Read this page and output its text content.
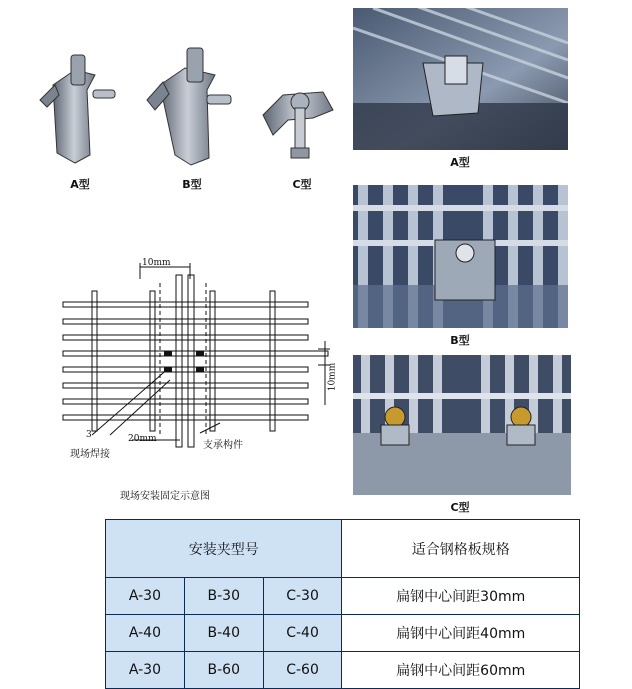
A型	B型	C型
A型
B型
C型
10mm
10mm
20mm
3
现场焊接
支承构件
现场安装固定示意图
安装夹型号			适合钢格板规格
A-30	B-30	C-30	扁钢中心间距30mm
A-40	B-40	C-40	扁钢中心间距40mm
A-30	B-60	C-60	扁钢中心间距60mm
